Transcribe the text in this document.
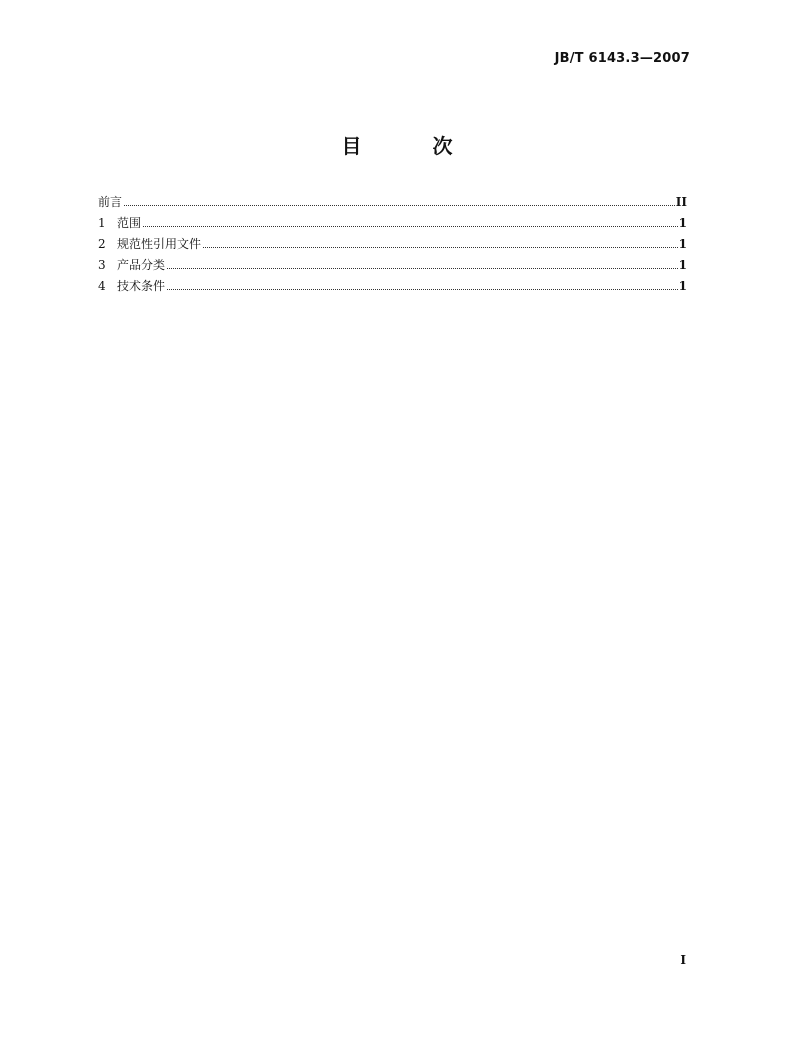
JB/T 6143.3—2007
目 次
前言	II
1 范围	1
2 规范性引用文件	1
3 产品分类	1
4 技术条件	1
I
